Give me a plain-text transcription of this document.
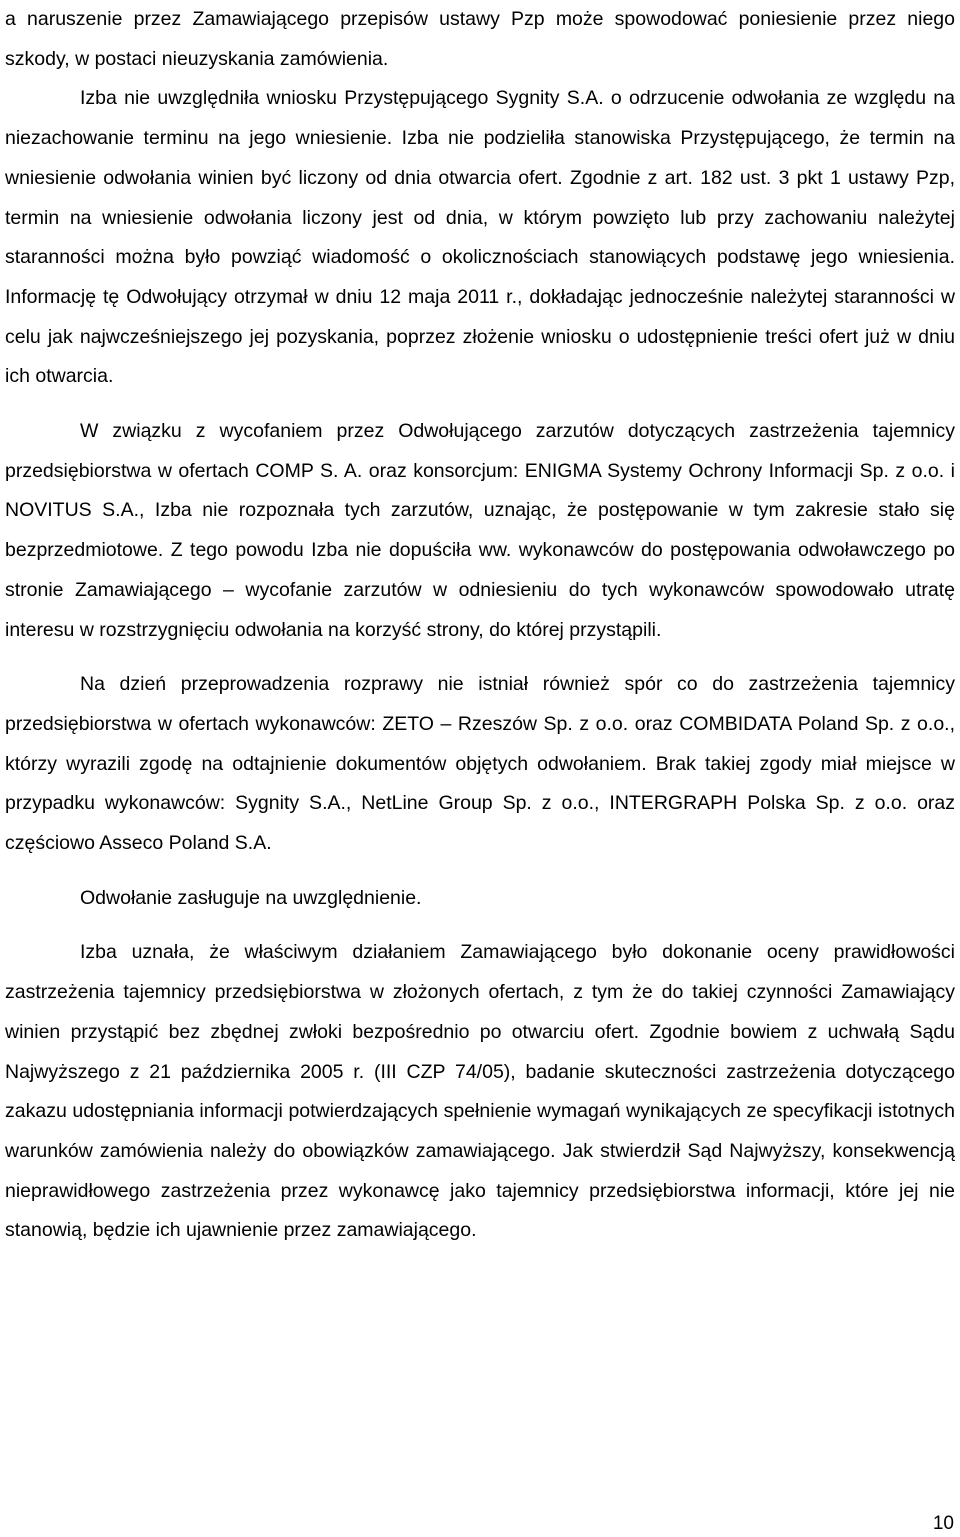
a naruszenie przez Zamawiającego przepisów ustawy Pzp może spowodować poniesienie przez niego szkody, w postaci nieuzyskania zamówienia.

Izba nie uwzględniła wniosku Przystępującego Sygnity S.A. o odrzucenie odwołania ze względu na niezachowanie terminu na jego wniesienie. Izba nie podzieliła stanowiska Przystępującego, że termin na wniesienie odwołania winien być liczony od dnia otwarcia ofert. Zgodnie z art. 182 ust. 3 pkt 1 ustawy Pzp, termin na wniesienie odwołania liczony jest od dnia, w którym powzięto lub przy zachowaniu należytej staranności można było powziąć wiadomość o okolicznościach stanowiących podstawę jego wniesienia. Informację tę Odwołujący otrzymał w dniu 12 maja 2011 r., dokładając jednocześnie należytej staranności w celu jak najwcześniejszego jej pozyskania, poprzez złożenie wniosku o udostępnienie treści ofert już w dniu ich otwarcia.

W związku z wycofaniem przez Odwołującego zarzutów dotyczących zastrzeżenia tajemnicy przedsiębiorstwa w ofertach COMP S. A. oraz konsorcjum: ENIGMA Systemy Ochrony Informacji Sp. z o.o. i NOVITUS S.A., Izba nie rozpoznała tych zarzutów, uznając, że postępowanie w tym zakresie stało się bezprzedmiotowe. Z tego powodu Izba nie dopuściła ww. wykonawców do postępowania odwoławczego po stronie Zamawiającego – wycofanie zarzutów w odniesieniu do tych wykonawców spowodowało utratę interesu w rozstrzygnięciu odwołania na korzyść strony, do której przystąpili.

Na dzień przeprowadzenia rozprawy nie istniał również spór co do zastrzeżenia tajemnicy przedsiębiorstwa w ofertach wykonawców: ZETO – Rzeszów Sp. z o.o. oraz COMBIDATA Poland Sp. z o.o., którzy wyrazili zgodę na odtajnienie dokumentów objętych odwołaniem. Brak takiej zgody miał miejsce w przypadku wykonawców: Sygnity S.A., NetLine Group Sp. z o.o., INTERGRAPH Polska Sp. z o.o. oraz częściowo Asseco Poland S.A.

Odwołanie zasługuje na uwzględnienie.

Izba uznała, że właściwym działaniem Zamawiającego było dokonanie oceny prawidłowości zastrzeżenia tajemnicy przedsiębiorstwa w złożonych ofertach, z tym że do takiej czynności Zamawiający winien przystąpić bez zbędnej zwłoki bezpośrednio po otwarciu ofert. Zgodnie bowiem z uchwałą Sądu Najwyższego z 21 października 2005 r. (III CZP 74/05), badanie skuteczności zastrzeżenia dotyczącego zakazu udostępniania informacji potwierdzających spełnienie wymagań wynikających ze specyfikacji istotnych warunków zamówienia należy do obowiązków zamawiającego. Jak stwierdził Sąd Najwyższy, konsekwencją nieprawidłowego zastrzeżenia przez wykonawcę jako tajemnicy przedsiębiorstwa informacji, które jej nie stanowią, będzie ich ujawnienie przez zamawiającego.

10
